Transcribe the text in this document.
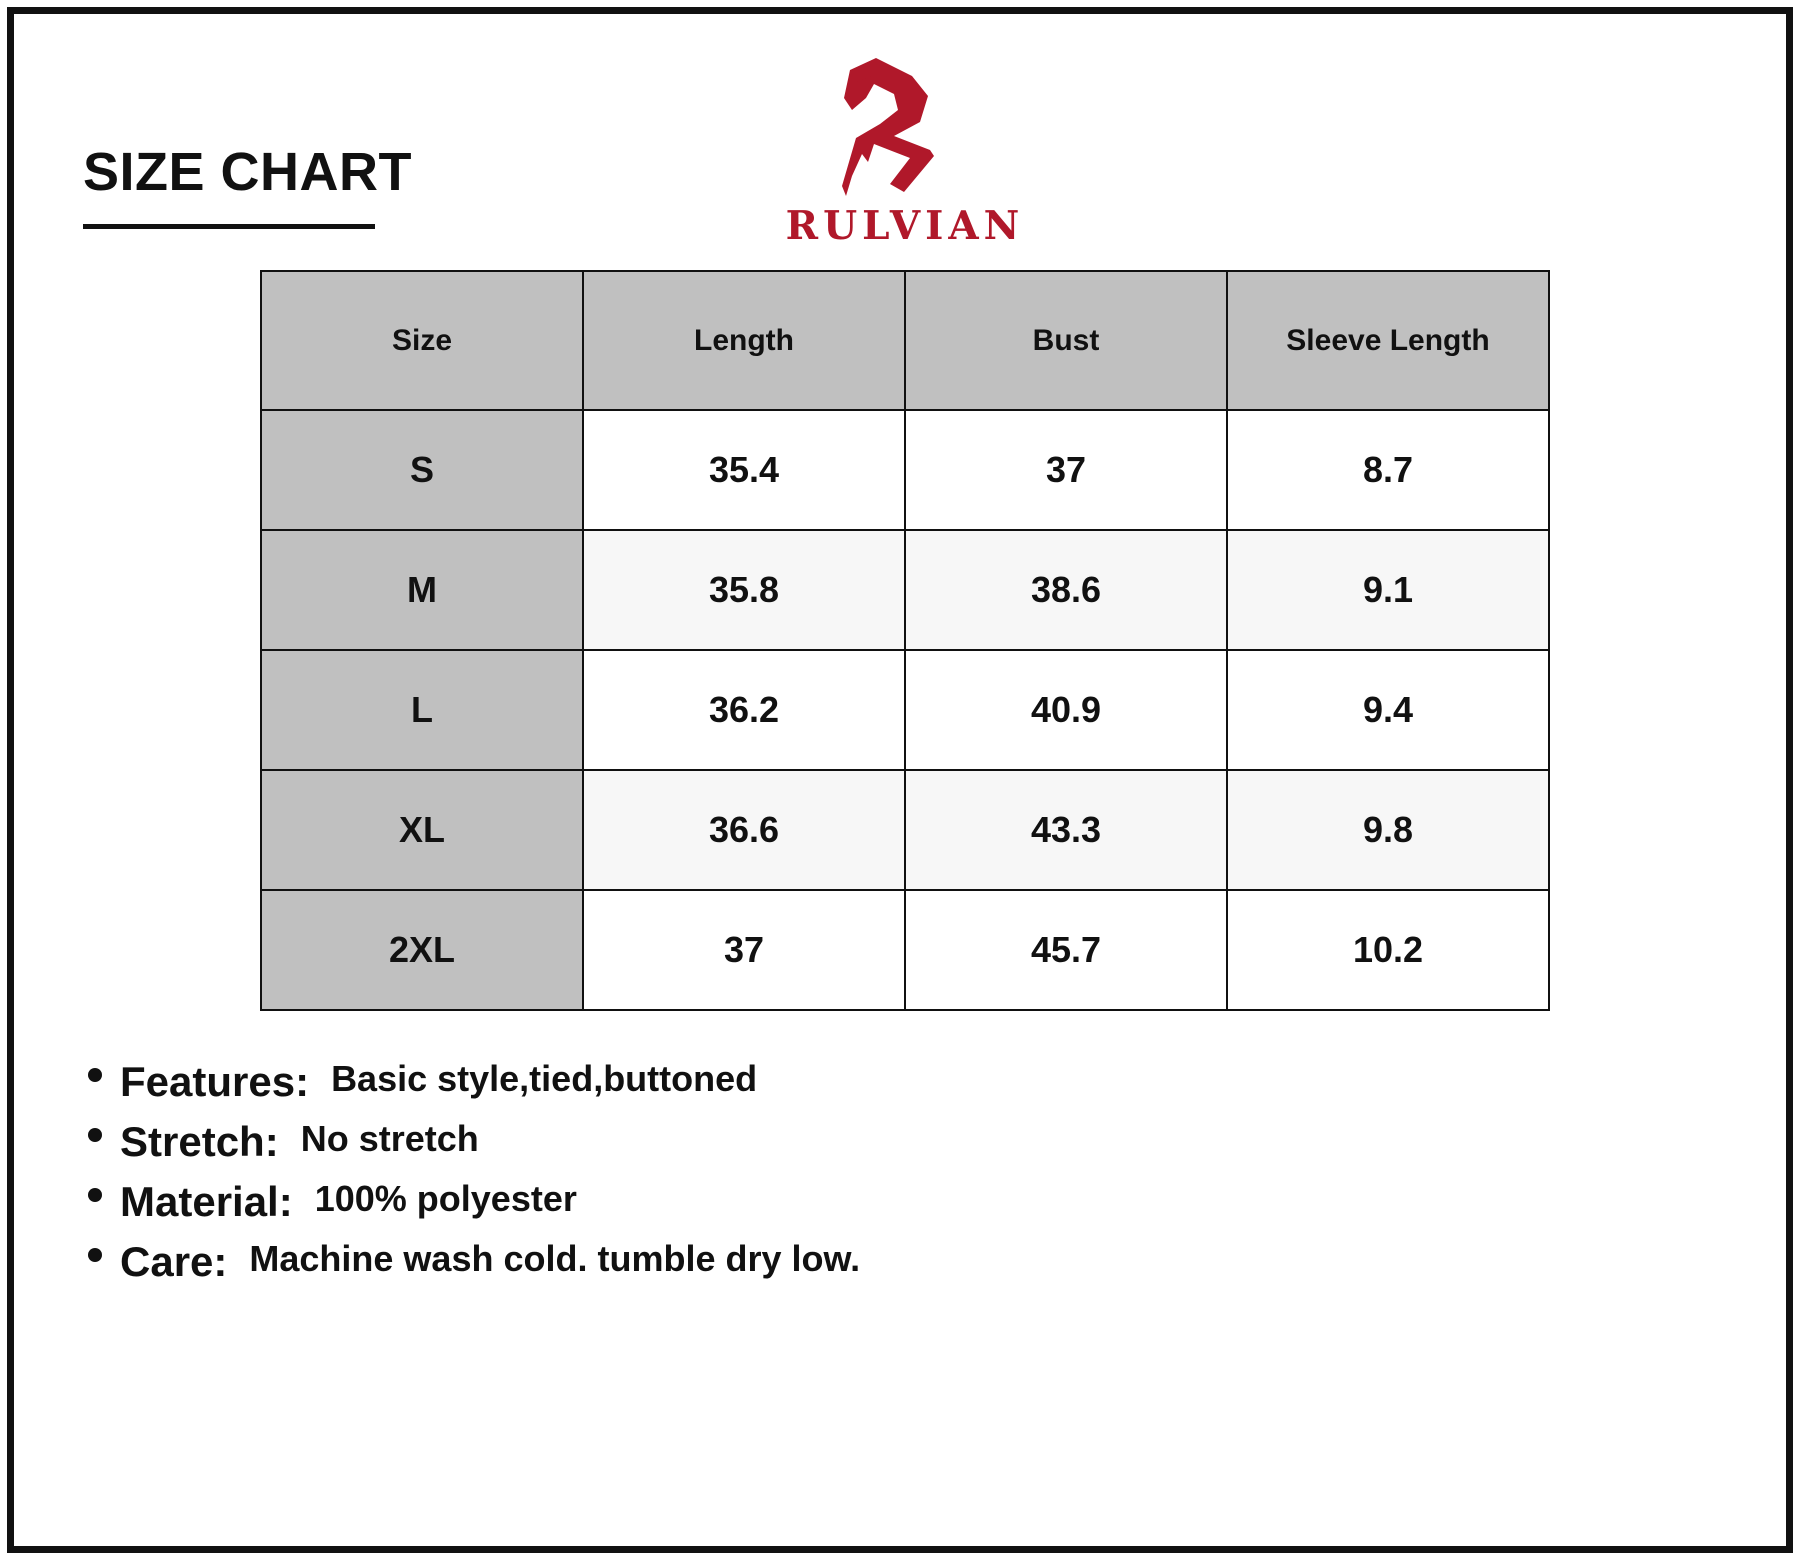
SIZE CHART
RULVIAN
Size	Length	Bust	Sleeve Length
S	35.4	37	8.7
M	35.8	38.6	9.1
L	36.2	40.9	9.4
XL	36.6	43.3	9.8
2XL	37	45.7	10.2
Features: Basic style,tied,buttoned
Stretch: No stretch
Material: 100% polyester
Care: Machine wash cold. tumble dry low.
